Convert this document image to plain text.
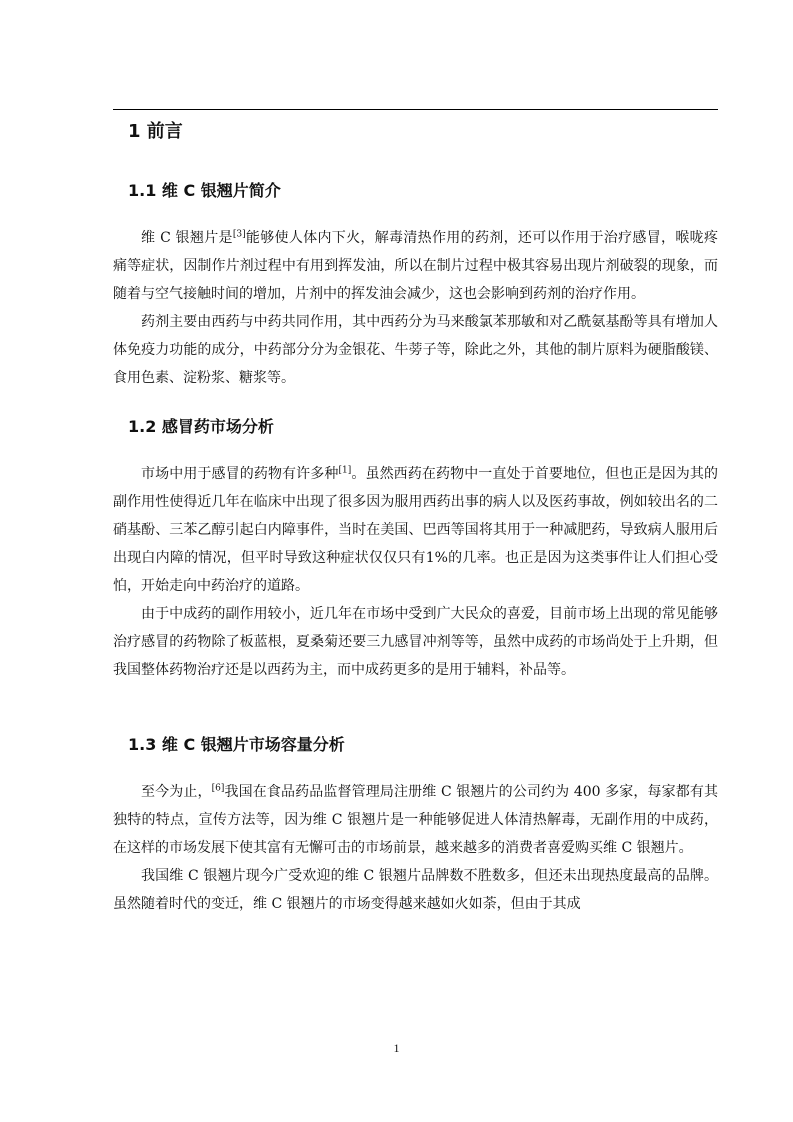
1 前言
1.1 维 C 银翘片简介

维 C 银翘片是[3]能够使人体内下火，解毒清热作用的药剂，还可以作用于治疗感冒，喉咙疼痛等症状，因制作片剂过程中有用到挥发油，所以在制片过程中极其容易出现片剂破裂的现象，而随着与空气接触时间的增加，片剂中的挥发油会减少，这也会影响到药剂的治疗作用。

药剂主要由西药与中药共同作用，其中西药分为马来酸氯苯那敏和对乙酰氨基酚等具有增加人体免疫力功能的成分，中药部分分为金银花、牛蒡子等，除此之外，其他的制片原料为硬脂酸镁、食用色素、淀粉浆、糖浆等。

1.2 感冒药市场分析

市场中用于感冒的药物有许多种[1]。虽然西药在药物中一直处于首要地位，但也正是因为其的副作用性使得近几年在临床中出现了很多因为服用西药出事的病人以及医药事故，例如较出名的二硝基酚、三苯乙醇引起白内障事件，当时在美国、巴西等国将其用于一种减肥药，导致病人服用后出现白内障的情况，但平时导致这种症状仅仅只有1%的几率。也正是因为这类事件让人们担心受怕，开始走向中药治疗的道路。

由于中成药的副作用较小，近几年在市场中受到广大民众的喜爱，目前市场上出现的常见能够治疗感冒的药物除了板蓝根，夏桑菊还要三九感冒冲剂等等，虽然中成药的市场尚处于上升期，但我国整体药物治疗还是以西药为主，而中成药更多的是用于辅料，补品等。

1.3 维 C 银翘片市场容量分析

至今为止，[6]我国在食品药品监督管理局注册维 C 银翘片的公司约为 400 多家，每家都有其独特的特点，宣传方法等，因为维 C 银翘片是一种能够促进人体清热解毒，无副作用的中成药，在这样的市场发展下使其富有无懈可击的市场前景，越来越多的消费者喜爱购买维 C 银翘片。

我国维 C 银翘片现今广受欢迎的维 C 银翘片品牌数不胜数多，但还未出现热度最高的品牌。虽然随着时代的变迁，维 C 银翘片的市场变得越来越如火如荼，但由于其成

1
